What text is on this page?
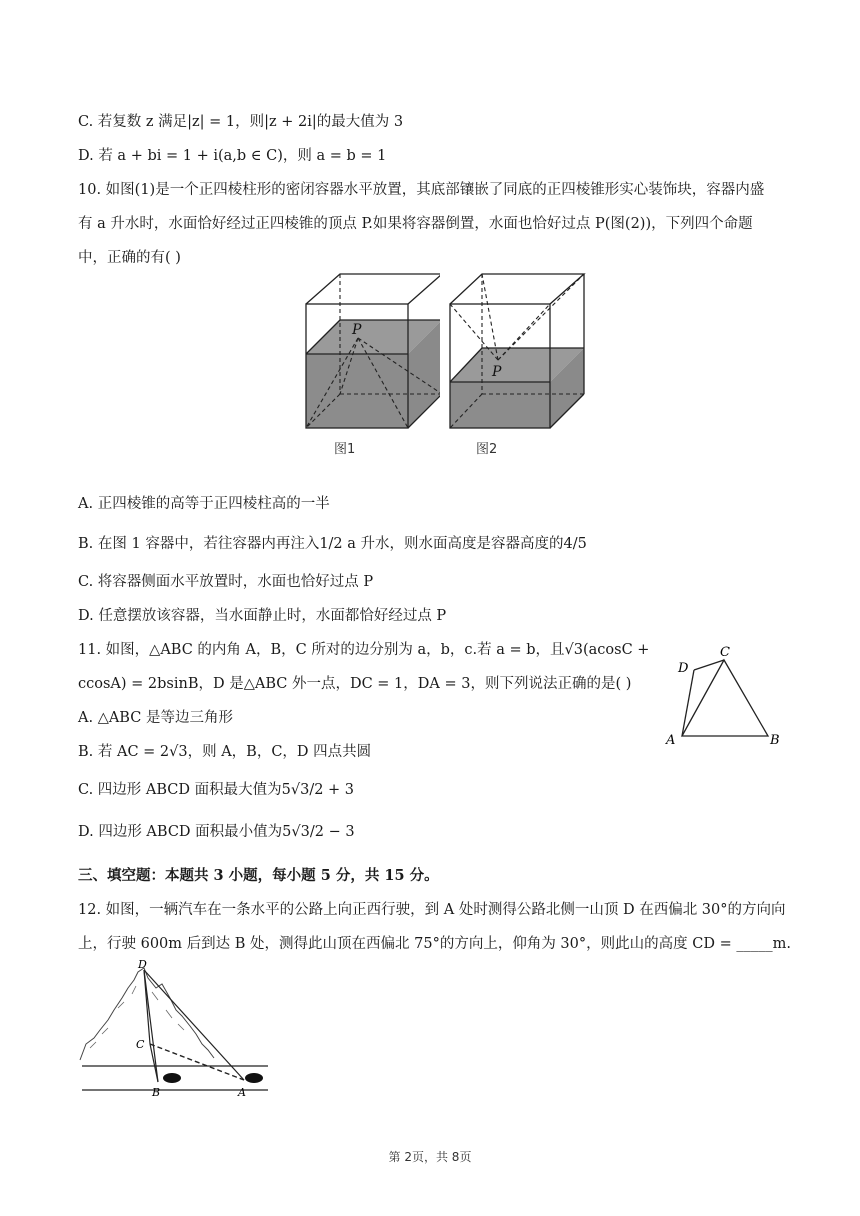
C. 若复数 z 满足|z| = 1，则|z + 2i|的最大值为 3
D. 若 a + bi = 1 + i(a,b ∈ C)，则 a = b = 1
10. 如图(1)是一个正四棱柱形的密闭容器水平放置，其底部镶嵌了同底的正四棱锥形实心装饰块，容器内盛
有 a 升水时，水面恰好经过正四棱锥的顶点 P.如果将容器倒置，水面也恰好过点 P(图(2))，下列四个命题
中，正确的有( )
P
图1
P
图2
A. 正四棱锥的高等于正四棱柱高的一半
B. 在图 1 容器中，若往容器内再注入1/2 a 升水，则水面高度是容器高度的4/5
C. 将容器侧面水平放置时，水面也恰好过点 P
D. 任意摆放该容器，当水面静止时，水面都恰好经过点 P
11. 如图，△ABC 的内角 A，B，C 所对的边分别为 a，b，c.若 a = b，且√3(acosC +
ccosA) = 2bsinB，D 是△ABC 外一点，DC = 1，DA = 3，则下列说法正确的是( )
A. △ABC 是等边三角形
B. 若 AC = 2√3，则 A，B，C，D 四点共圆
C. 四边形 ABCD 面积最大值为5√3/2 + 3
D. 四边形 ABCD 面积最小值为5√3/2 − 3
A	B
C
D
三、填空题：本题共 3 小题，每小题 5 分，共 15 分。
12. 如图，一辆汽车在一条水平的公路上向正西行驶，到 A 处时测得公路北侧一山顶 D 在西偏北 30°的方向向
上，行驶 600m 后到达 B 处，测得此山顶在西偏北 75°的方向上，仰角为 30°，则此山的高度 CD = _____m.
D
C
B	A
第 2页，共 8页
